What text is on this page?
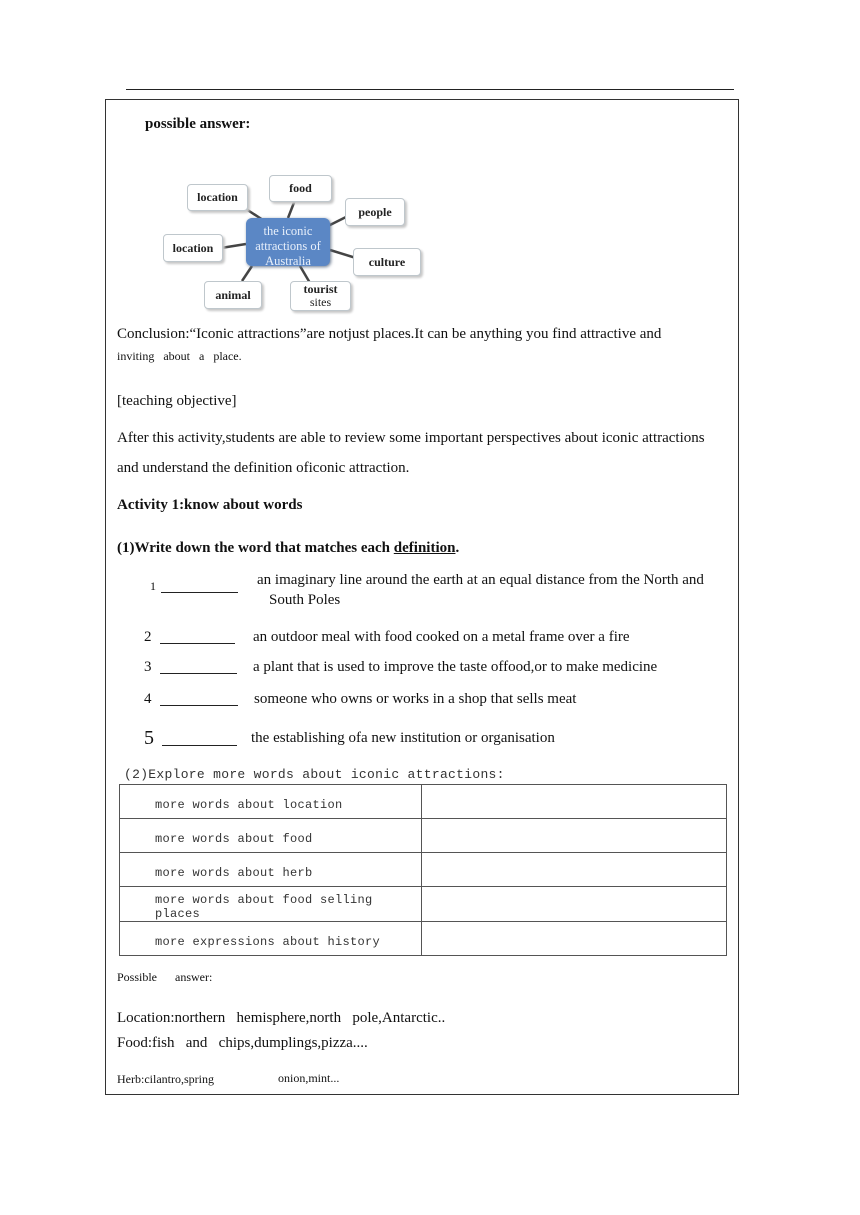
possible answer:
the iconic
attractions of
Australia
food
location
people
location
culture
animal	tourist
sites
Conclusion:“Iconic attractions”are notjust places.It can be anything you find attractive and
inviting   about   a   place.
[teaching objective]
After this activity,students are able to review some important perspectives about iconic attractions
and understand the definition oficonic attraction.
Activity 1:know about words
(1)Write down the word that matches each definition.
1	an imaginary line around the earth at an equal distance from the North and
South Poles
2	an outdoor meal with food cooked on a metal frame over a fire
3	a plant that is used to improve the taste offood,or to make medicine
4	someone who owns or works in a shop that sells meat
5	the establishing ofa new institution or organisation
(2)Explore more words about iconic attractions:
more words about location	
more words about food	
more words about herb	
more words about food selling places	
more expressions about history	
Possible answer:
Location:northern   hemisphere,north   pole,Antarctic..
Food:fish   and   chips,dumplings,pizza....
Herb:cilantro,spring	onion,mint...
